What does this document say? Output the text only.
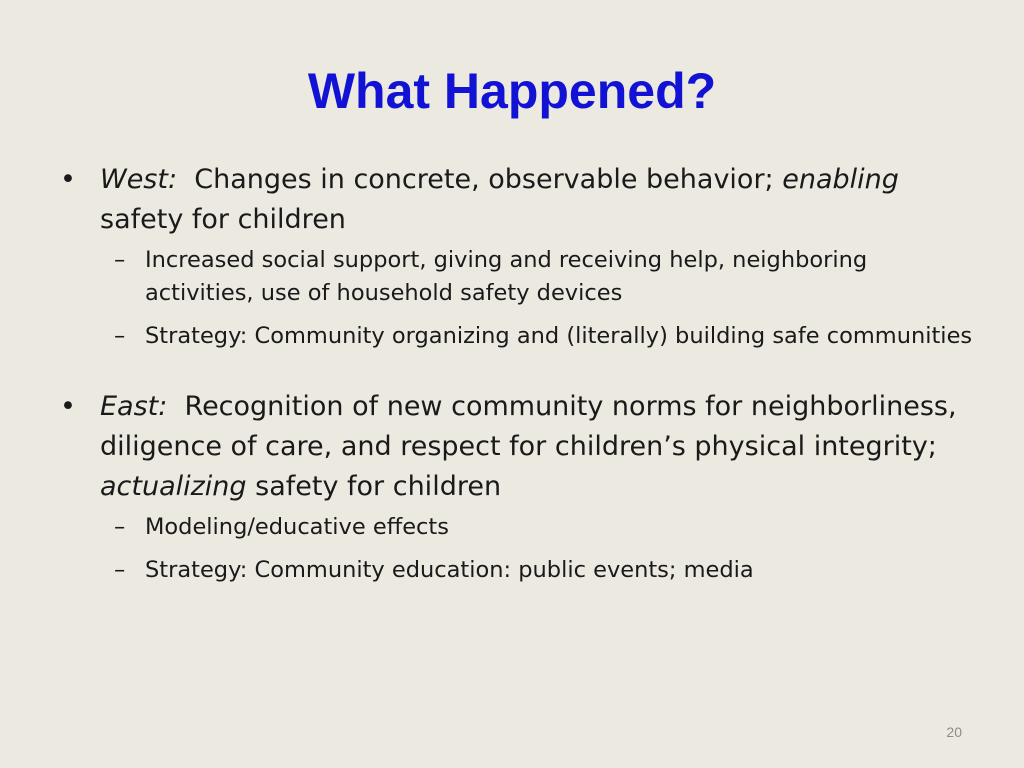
What Happened?

• West:  Changes in concrete, observable behavior; enabling safety for children

– Increased social support, giving and receiving help, neighboring activities, use of household safety devices

– Strategy: Community organizing and (literally) building safe communities

• East:  Recognition of new community norms for neighborliness, diligence of care, and respect for children’s physical integrity; actualizing safety for children

– Modeling/educative effects

– Strategy: Community education: public events; media

20
